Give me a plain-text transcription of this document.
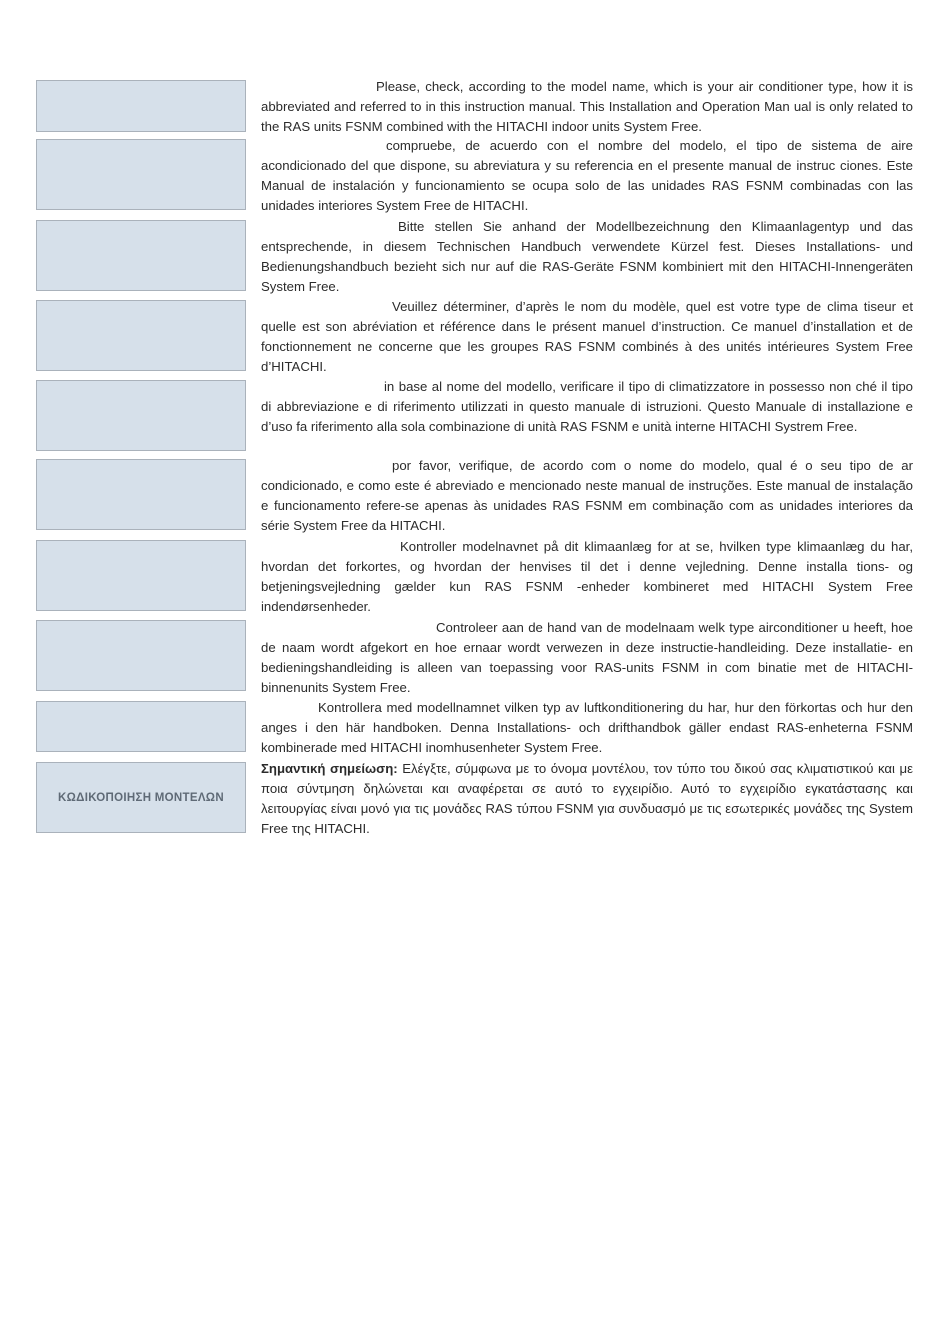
ΚΩΔΙΚΟΠΟΙΗΣΗ ΜΟΝΤΕΛΩΝ

Please, check, according to the model name, which is your air conditioner type, how it is abbreviated and referred to in this instruction manual. This Installation and Operation Man ual is only related to the RAS units FSNM combined with the HITACHI indoor units System Free.

compruebe, de acuerdo con el nombre del modelo, el tipo de sistema de aire acondicionado del que dispone, su abreviatura y su referencia en el presente manual de instruc ciones. Este Manual de instalación y funcionamiento se ocupa solo de las unidades RAS FSNM combinadas con las unidades interiores System Free de HITACHI.

Bitte stellen Sie anhand der Modellbezeichnung den Klimaanlagentyp und das entsprechende, in diesem Technischen Handbuch verwendete Kürzel fest. Dieses Installations- und Bedienungshandbuch bezieht sich nur auf die RAS-Geräte FSNM kombiniert mit den HITACHI-Innengeräten System Free.

Veuillez déterminer, d’après le nom du modèle, quel est votre type de clima tiseur et quelle est son abréviation et référence dans le présent manuel d’instruction. Ce manuel d’installation et de fonctionnement ne concerne que les groupes RAS FSNM combinés à des unités intérieures System Free d’HITACHI.

in base al nome del modello, verificare il tipo di climatizzatore in possesso non ché il tipo di abbreviazione e di riferimento utilizzati in questo manuale di istruzioni. Questo Manuale di installazione e d’uso fa riferimento alla sola combinazione di unità RAS FSNM e unità interne HITACHI Systrem Free.

por favor, verifique, de acordo com o nome do modelo, qual é o seu tipo de ar condicionado, e como este é abreviado e mencionado neste manual de instruções. Este manual de instalação e funcionamento refere-se apenas às unidades RAS FSNM em combinação com as unidades interiores da série System Free da HITACHI.

Kontroller modelnavnet på dit klimaanlæg for at se, hvilken type klimaanlæg du har, hvordan det forkortes, og hvordan der henvises til det i denne vejledning. Denne installa tions- og betjeningsvejledning gælder kun RAS FSNM -enheder kombineret med HITACHI System Free indendørsenheder.

Controleer aan de hand van de modelnaam welk type airconditioner u heeft, hoe de naam wordt afgekort en hoe ernaar wordt verwezen in deze instructie-handleiding. Deze installatie- en bedieningshandleiding is alleen van toepassing voor RAS-units FSNM in com binatie met de HITACHI-binnenunits System Free.

Kontrollera med modellnamnet vilken typ av luftkonditionering du har, hur den förkortas och hur den anges i den här handboken. Denna Installations- och drifthandbok gäller endast RAS-enheterna FSNM kombinerade med HITACHI inomhusenheter System Free.

Σημαντική σημείωση: Ελέγξτε, σύμφωνα με το όνομα μοντέλου, τον τύπο του δικού σας κλιματιστικού και με ποια σύντμηση δηλώνεται και αναφέρεται σε αυτό το εγχειρίδιο. Αυτό το εγχειρίδιο εγκατάστασης και λειτουργίας είναι μονό για τις μονάδες RAS τύπου FSNM για συνδυασμό με τις εσωτερικές μονάδες της System Free της HITACHI.
